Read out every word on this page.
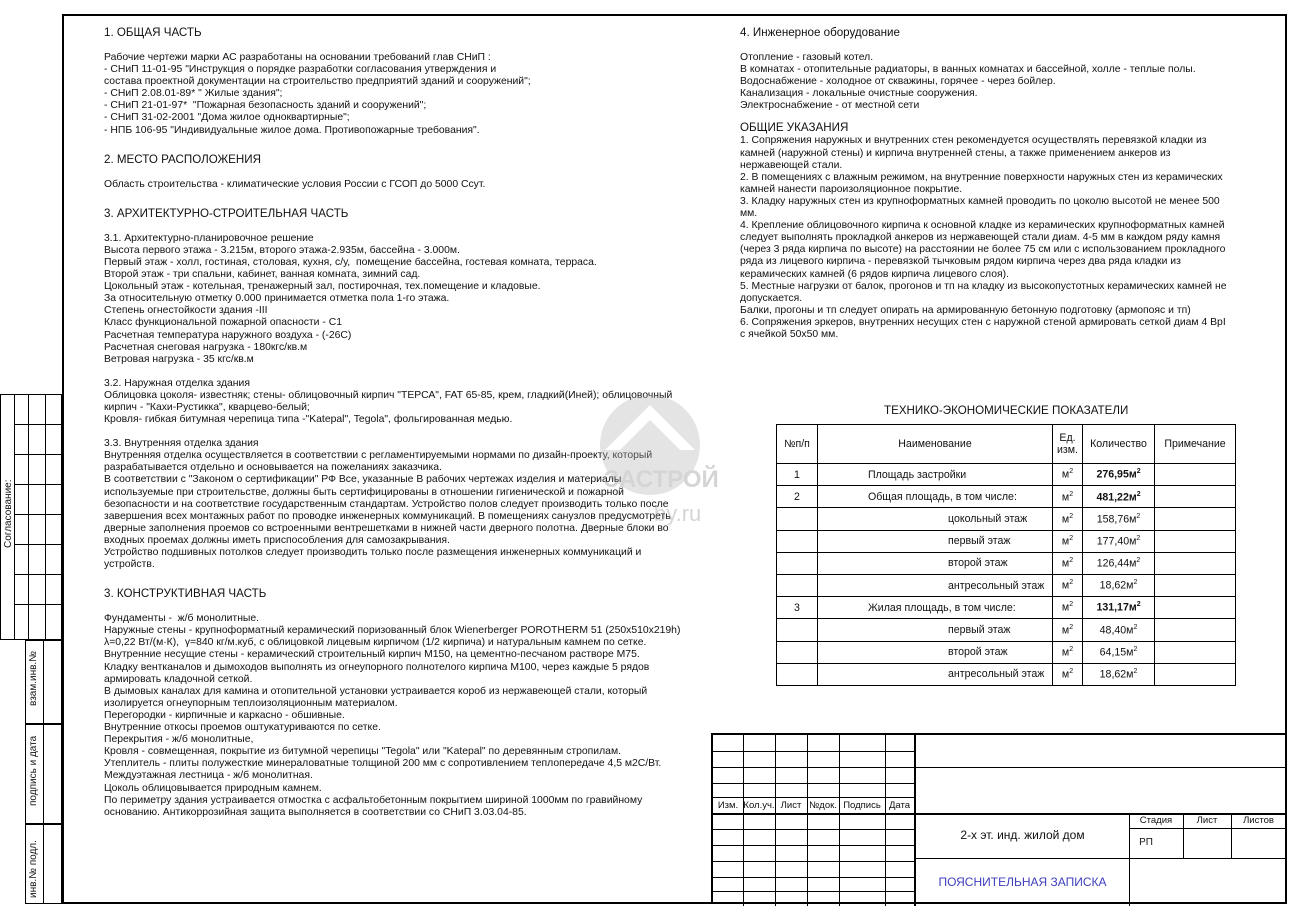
Согласование:
взам.инв.№
подпись и дата
инв.№ подл.
1. ОБЩАЯ ЧАСТЬ

Рабочие чертежи марки АС разработаны на основании требований глав СНиП :

- СНиП 11-01-95 "Инструкция о порядке разработки согласования утверждения и

состава проектной документации на строительство предприятий зданий и сооружений";

- СНиП 2.08.01-89* " Жилые здания";

- СНиП 21-01-97*  "Пожарная безопасность зданий и сооружений";

- СНиП 31-02-2001 "Дома жилое одноквартирные";

- НПБ 106-95 "Индивидуальные жилое дома. Противопожарные требования".

2. МЕСТО РАСПОЛОЖЕНИЯ

Область строительства - климатические условия России с ГСОП до 5000 Ссут.

3. АРХИТЕКТУРНО-СТРОИТЕЛЬНАЯ ЧАСТЬ

3.1. Архитектурно-планировочное решение

Высота первого этажа - 3.215м, второго этажа-2.935м, бассейна - 3.000м.

Первый этаж - холл, гостиная, столовая, кухня, с/у,  помещение бассейна, гостевая комната, терраса.

Второй этаж - три спальни, кабинет, ванная комната, зимний сад.

Цокольный этаж - котельная, тренажерный зал, постирочная, тех.помещение и кладовые.

За относительную отметку 0.000 принимается отметка пола 1-го этажа.

Степень огнестойкости здания -III

Класс функциональной пожарной опасности - С1

Расчетная температура наружного воздуха - (-26С)

Расчетная снеговая нагрузка - 180кгс/кв.м

Ветровая нагрузка - 35 кгс/кв.м

3.2. Наружная отделка здания

Облицовка цоколя- известняк; стены- облицовочный кирпич "ТЕРСА", FAT 65-85, крем, гладкий(Иней); облицовочный

кирпич - "Кахи-Рустикка", кварцево-белый;

Кровля- гибкая битумная черепица типа -"Katepal", Tegola", фольгированная медью.

3.3. Внутренняя отделка здания

Внутренняя отделка осуществляется в соответствии с регламентируемыми нормами по дизайн-проекту, который

разрабатывается отдельно и основывается на пожеланиях заказчика.

В соответствии с "Законом о сертификации" РФ Все, указанные В рабочих чертежах изделия и материалы

используемые при строительстве, должны быть сертифицированы в отношении гигиенической и пожарной

безопасности и на соответствие государственным стандартам. Устройство полов следует производить только после

завершения всех монтажных работ по проводке инженерных коммуникаций. В помещениях санузлов предусмотреть

дверные заполнения проемов со встроенными вентрешетками в нижней части дверного полотна. Дверные блоки во

входных проемах должны иметь приспособления для самозакрывания.

Устройство подшивных потолков следует производить только после размещения инженерных коммуникаций и

устройств.

3. КОНСТРУКТИВНАЯ ЧАСТЬ

Фундаменты -  ж/б монолитные.

Наружные стены - крупноформатный керамический поризованный блок Wienerberger POROTHERM 51 (250х510х219h)

λ=0,22 Вт/(м·К),  γ=840 кг/м.куб, с облицовкой лицевым кирпичом (1/2 кирпича) и натуральным камнем по сетке.

Внутренние несущие стены - керамический строительный кирпич М150, на цементно-песчаном растворе М75.

Кладку вентканалов и дымоходов выполнять из огнеупорного полнотелого кирпича М100, через каждые 5 рядов

армировать кладочной сеткой.

В дымовых каналах для камина и отопительной установки устраивается короб из нержавеющей стали, который

изолируется огнеупорным теплоизоляционным материалом.

Перегородки - кирпичные и каркасно - обшивные.

Внутренние откосы проемов оштукатуриваются по сетке.

Перекрытия - ж/б монолитные,

Кровля - совмещенная, покрытие из битумной черепицы "Tegola" или "Katepal" по деревянным стропилам.

Утеплитель - плиты полужесткие минераловатные толщиной 200 мм с сопротивлением теплопередаче 4,5 м2С/Вт.

Междуэтажная лестница - ж/б монолитная.

Цоколь облицовывается природным камнем.

По периметру здания устраивается отмостка с асфальтобетонным покрытием шириной 1000мм по гравийному

основанию. Антикоррозийная защита выполняется в соответствии со СНиП 3.03.04-85.

4. Инженерное оборудование

Отопление - газовый котел.

В комнатах - отопительные радиаторы, в ванных комнатах и бассейной, холле - теплые полы.

Водоснабжение - холодное от скважины, горячее - через бойлер.

Канализация - локальные очистные сооружения.

Электроснабжение - от местной сети

ОБЩИЕ УКАЗАНИЯ

1. Сопряжения наружных и внутренних стен рекомендуется осуществлять перевязкой кладки из

камней (наружной стены) и кирпича внутренней стены, а также применением анкеров из

нержавеющей стали.

2. В помещениях с влажным режимом, на внутренние поверхности наружных стен из керамических

камней нанести пароизоляционное покрытие.

3. Кладку наружных стен из крупноформатных камней проводить по цоколю высотой не менее 500

мм.

4. Крепление облицовочного кирпича к основной кладке из керамических крупноформатных камней

следует выполнять прокладкой анкеров из нержавеющей стали диам. 4-5 мм в каждом ряду камня

(через 3 ряда кирпича по высоте) на расстоянии не более 75 см или с использованием прокладного

ряда из лицевого кирпича - перевязкой тычковым рядом кирпича через два ряда кладки из

керамических камней (6 рядов кирпича лицевого слоя).

5. Местные нагрузки от балок, прогонов и тп на кладку из высокопустотных керамических камней не

допускается.

Балки, прогоны и тп следует опирать на армированную бетонную подготовку (армопояс и тп)

6. Сопряжения эркеров, внутренних несущих стен с наружной стеной армировать сеткой диам 4 ВрI

с ячейкой 50х50 мм.

ЗАСТРОЙ
by.ru
ТЕХНИКО-ЭКОНОМИЧЕСКИЕ ПОКАЗАТЕЛИ
№п/п	Наименование	Ед.
изм.	Количество	Примечание
1	Площадь застройки	$м^2$	$276,95м^2$	
2	Общая площадь, в том числе:	$м^2$	$481,22м^2$	
	цокольный этаж	$м^2$	$158,76м^2$	
	первый этаж	$м^2$	$177,40м^2$	
	второй этаж	$м^2$	$126,44м^2$	
	антресольный этаж	$м^2$	$18,62м^2$	
3	Жилая площадь, в том числе:	$м^2$	$131,17м^2$	
	первый этаж	$м^2$	$48,40м^2$	
	второй этаж	$м^2$	$64,15м^2$	
	антресольный этаж	$м^2$	$18,62м^2$	
Изм. Кол.уч. Лист №док. Подпись Дата
Стадия	Лист	Листов
РП
2-х эт. инд. жилой дом
ПОЯСНИТЕЛЬНАЯ ЗАПИСКА
